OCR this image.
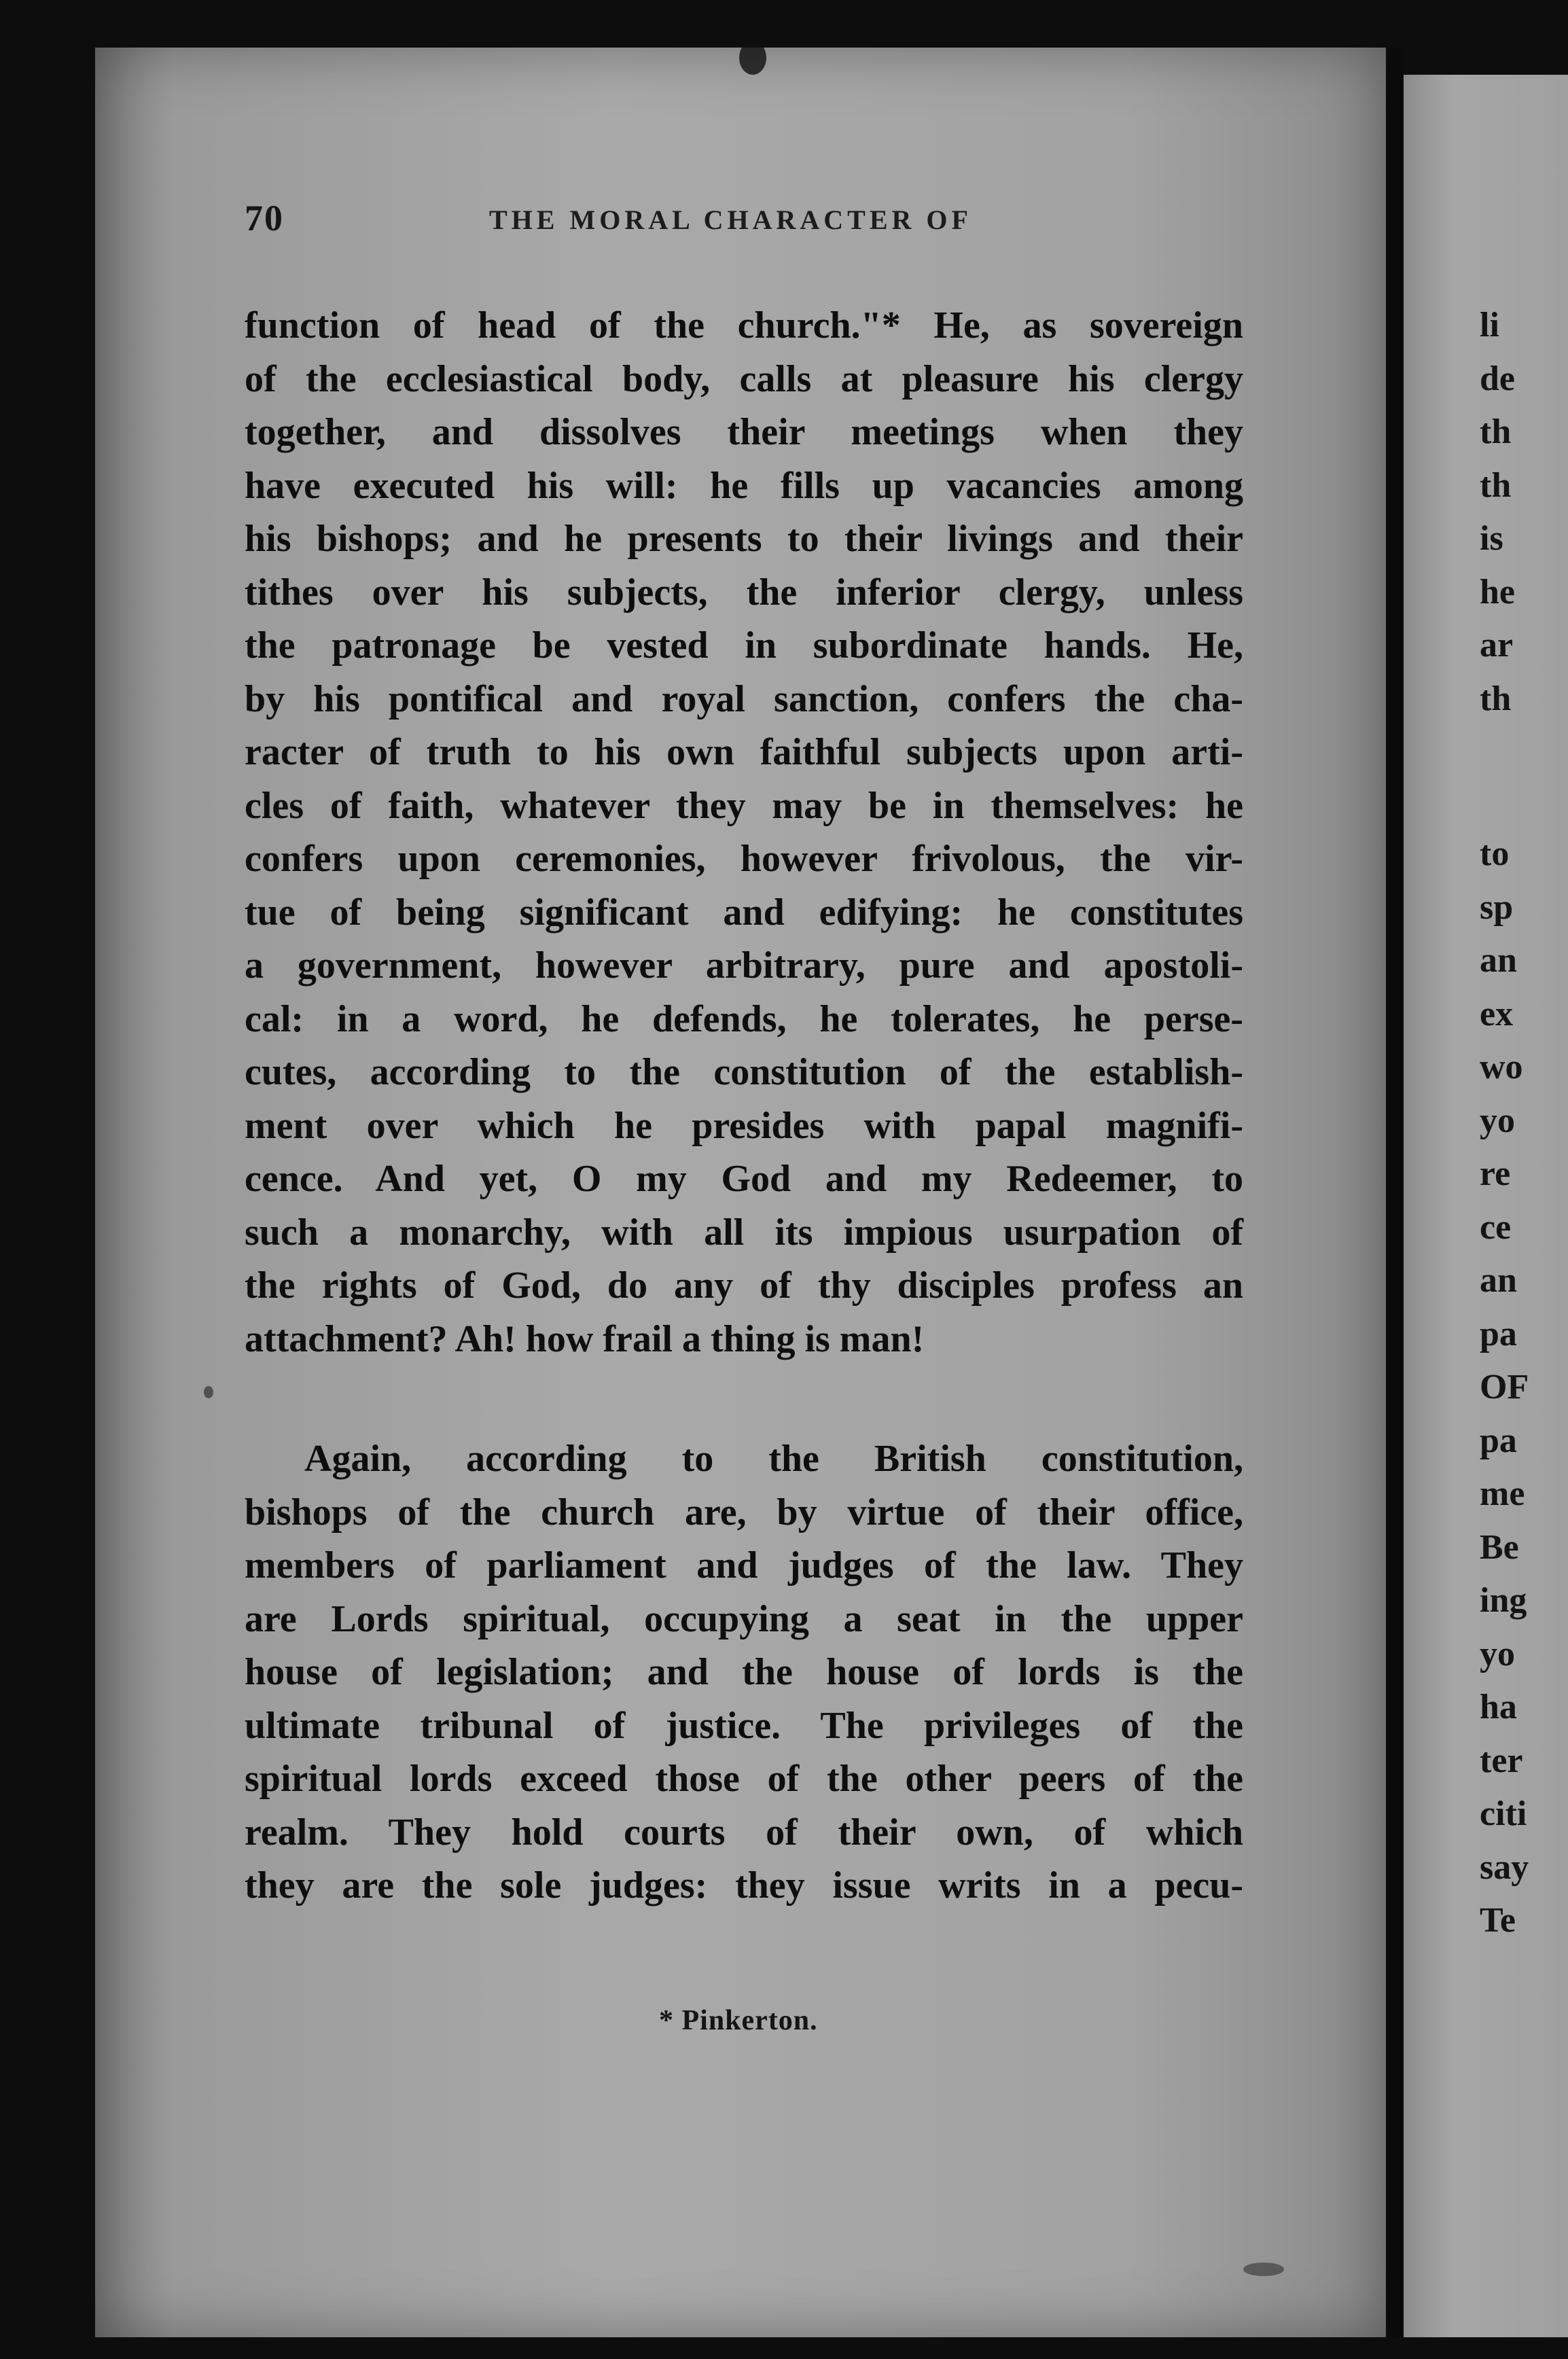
70	THE MORAL CHARACTER OF
function of head of the church."* He, as sovereign
of the ecclesiastical body, calls at pleasure his clergy
together, and dissolves their meetings when they
have executed his will: he fills up vacancies among
his bishops; and he presents to their livings and their
tithes over his subjects, the inferior clergy, unless
the patronage be vested in subordinate hands. He,
by his pontifical and royal sanction, confers the cha-
racter of truth to his own faithful subjects upon arti-
cles of faith, whatever they may be in themselves: he
confers upon ceremonies, however frivolous, the vir-
tue of being significant and edifying: he constitutes
a government, however arbitrary, pure and apostoli-
cal: in a word, he defends, he tolerates, he perse-
cutes, according to the constitution of the establish-
ment over which he presides with papal magnifi-
cence. And yet, O my God and my Redeemer, to
such a monarchy, with all its impious usurpation of
the rights of God, do any of thy disciples profess an
attachment? Ah! how frail a thing is man!
Again, according to the British constitution,
bishops of the church are, by virtue of their office,
members of parliament and judges of the law. They
are Lords spiritual, occupying a seat in the upper
house of legislation; and the house of lords is the
ultimate tribunal of justice. The privileges of the
spiritual lords exceed those of the other peers of the
realm. They hold courts of their own, of which
they are the sole judges: they issue writs in a pecu-
* Pinkerton.
li
de
th
th
is
he
ar
th
to
sp
an
ex
wo
yo
re
ce
an
pa
OF
pa
me
Be
ing
yo
ha
ter
citi
say
Te
